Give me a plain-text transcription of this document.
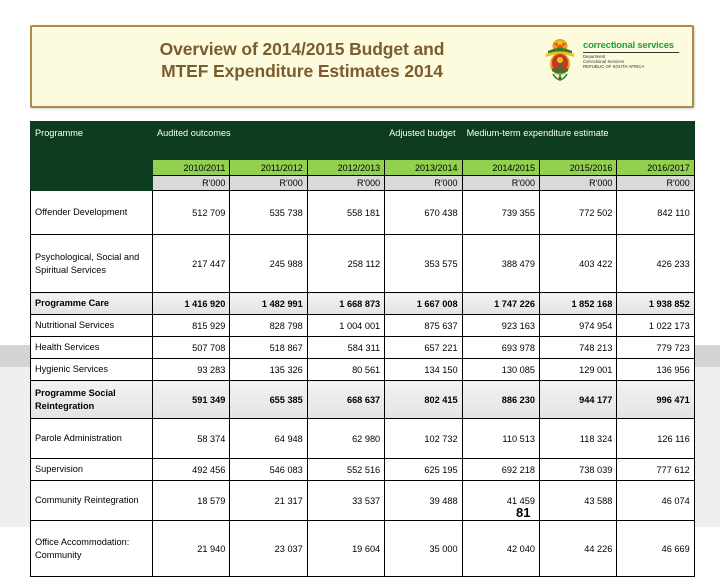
Overview of 2014/2015 Budget and
MTEF Expenditure Estimates 2014
correctional services
Department
Correctional Services
REPUBLIC OF SOUTH AFRICA
Programme	Audited outcomes			Adjusted budget	Medium-term expenditure estimate		
	2010/2011	2011/2012	2012/2013	2013/2014	2014/2015	2015/2016	2016/2017
	R'000	R'000	R'000	R'000	R'000	R'000	R'000
Offender Development	512 709	535 738	558 181	670 438	739 355	772 502	842 110
Psychological, Social and Spiritual Services	217 447	245 988	258 112	353 575	388 479	403 422	426 233
Programme Care	1 416 920	1 482 991	1 668 873	1 667 008	1 747 226	1 852 168	1 938 852
Nutritional Services	815 929	828 798	1 004 001	875 637	923 163	974 954	1 022 173
Health Services	507 708	518 867	584 311	657 221	693 978	748 213	779 723
Hygienic Services	93 283	135 326	80 561	134 150	130 085	129 001	136 956
Programme Social Reintegration	591 349	655 385	668 637	802 415	886 230	944 177	996 471
Parole Administration	58 374	64 948	62 980	102 732	110 513	118 324	126 116
Supervision	492 456	546 083	552 516	625 195	692 218	738 039	777 612
Community Reintegration	18 579	21 317	33 537	39 488	41 459	43 588	46 074
Office Accommodation: Community	21 940	23 037	19 604	35 000	42 040	44 226	46 669
81
